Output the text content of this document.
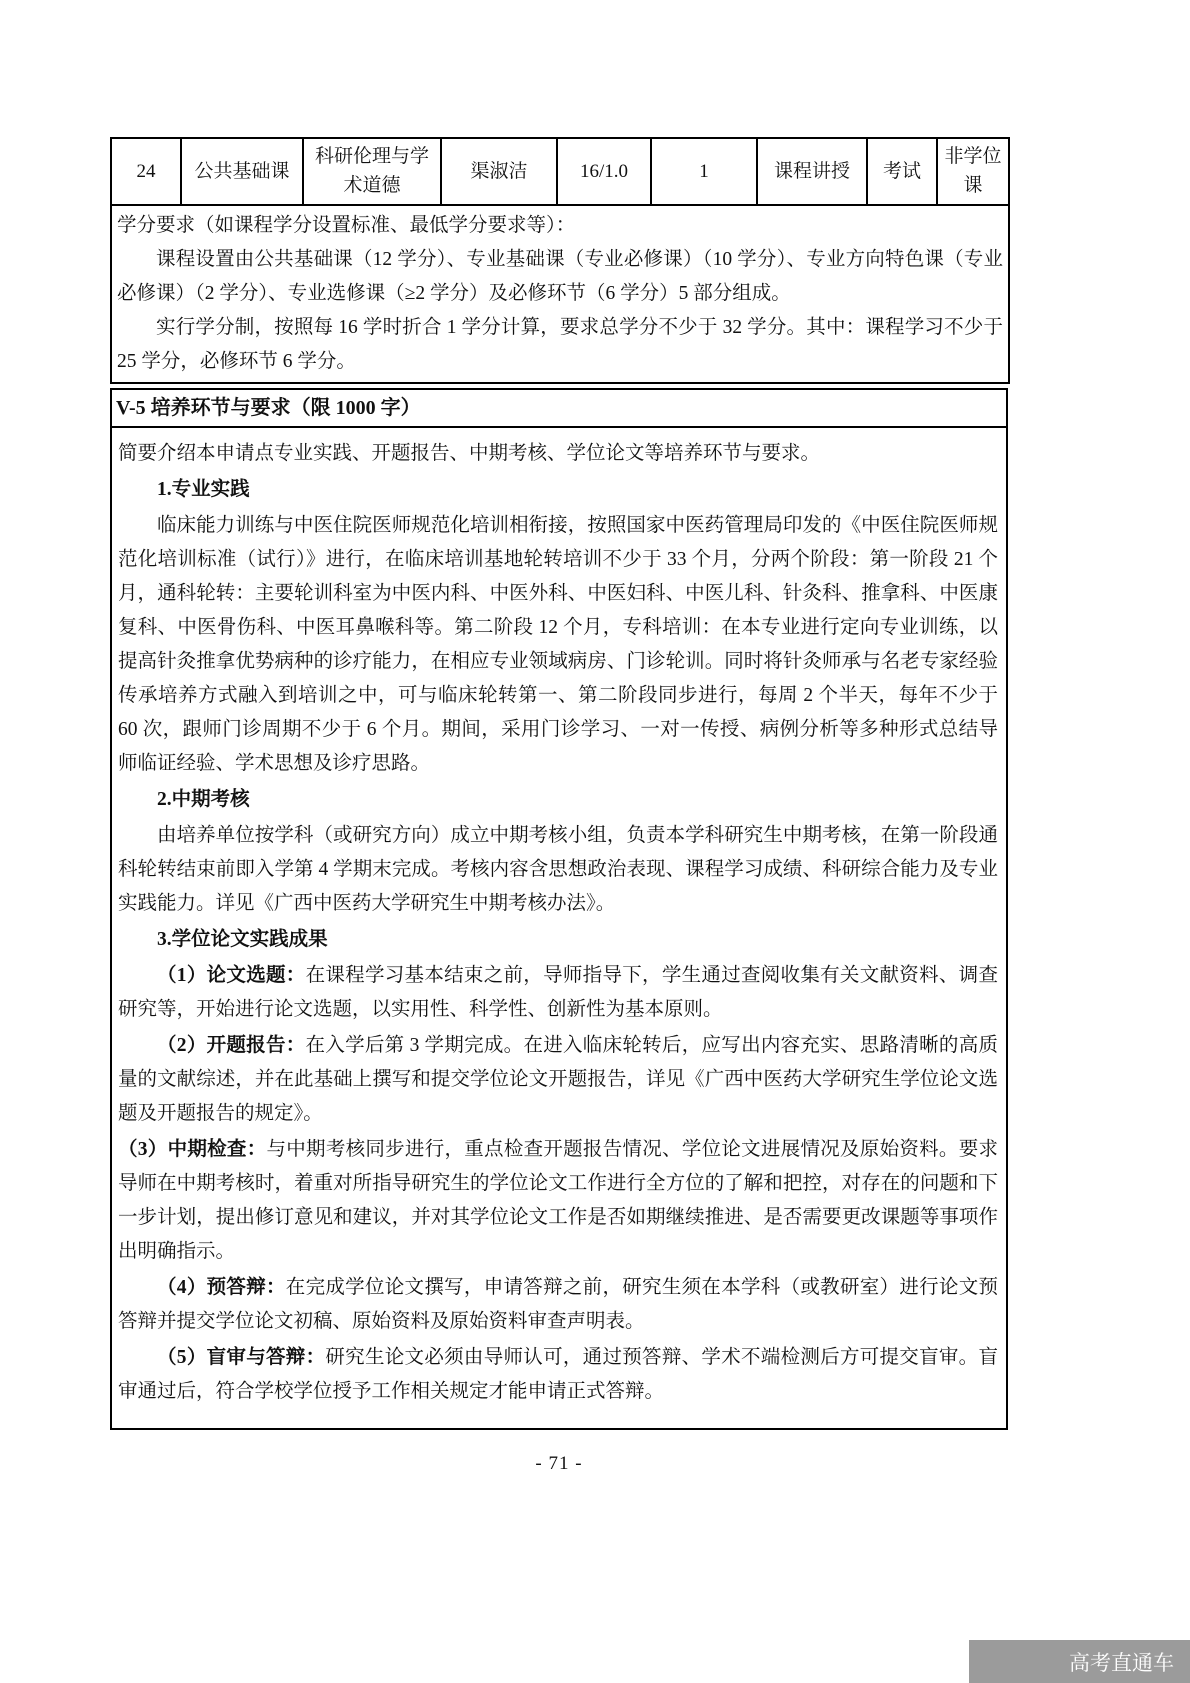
24	公共基础课	科研伦理与学术道德	渠淑洁	16/1.0	1	课程讲授	考试	非学位课

学分要求（如课程学分设置标准、最低学分要求等）：

课程设置由公共基础课（12 学分）、专业基础课（专业必修课）（10 学分）、专业方向特色课（专业必修课）（2 学分）、专业选修课（≥2 学分）及必修环节（6 学分）5 部分组成。

实行学分制，按照每 16 学时折合 1 学分计算，要求总学分不少于 32 学分。其中：课程学习不少于 25 学分，必修环节 6 学分。

V-5 培养环节与要求（限 1000 字）

简要介绍本申请点专业实践、开题报告、中期考核、学位论文等培养环节与要求。

1.专业实践

临床能力训练与中医住院医师规范化培训相衔接，按照国家中医药管理局印发的《中医住院医师规范化培训标准（试行）》进行，在临床培训基地轮转培训不少于 33 个月，分两个阶段：第一阶段 21 个月，通科轮转：主要轮训科室为中医内科、中医外科、中医妇科、中医儿科、针灸科、推拿科、中医康复科、中医骨伤科、中医耳鼻喉科等。第二阶段 12 个月，专科培训：在本专业进行定向专业训练，以提高针灸推拿优势病种的诊疗能力，在相应专业领域病房、门诊轮训。同时将针灸师承与名老专家经验传承培养方式融入到培训之中，可与临床轮转第一、第二阶段同步进行，每周 2 个半天，每年不少于 60 次，跟师门诊周期不少于 6 个月。期间，采用门诊学习、一对一传授、病例分析等多种形式总结导师临证经验、学术思想及诊疗思路。

2.中期考核

由培养单位按学科（或研究方向）成立中期考核小组，负责本学科研究生中期考核，在第一阶段通科轮转结束前即入学第 4 学期末完成。考核内容含思想政治表现、课程学习成绩、科研综合能力及专业实践能力。详见《广西中医药大学研究生中期考核办法》。

3.学位论文实践成果

（1）论文选题：在课程学习基本结束之前，导师指导下，学生通过查阅收集有关文献资料、调查研究等，开始进行论文选题，以实用性、科学性、创新性为基本原则。

（2）开题报告：在入学后第 3 学期完成。在进入临床轮转后，应写出内容充实、思路清晰的高质量的文献综述，并在此基础上撰写和提交学位论文开题报告，详见《广西中医药大学研究生学位论文选题及开题报告的规定》。

（3）中期检查：与中期考核同步进行，重点检查开题报告情况、学位论文进展情况及原始资料。要求导师在中期考核时，着重对所指导研究生的学位论文工作进行全方位的了解和把控，对存在的问题和下一步计划，提出修订意见和建议，并对其学位论文工作是否如期继续推进、是否需要更改课题等事项作出明确指示。

（4）预答辩：在完成学位论文撰写，申请答辩之前，研究生须在本学科（或教研室）进行论文预答辩并提交学位论文初稿、原始资料及原始资料审查声明表。

（5）盲审与答辩：研究生论文必须由导师认可，通过预答辩、学术不端检测后方可提交盲审。盲审通过后，符合学校学位授予工作相关规定才能申请正式答辩。

- 71 -
高考直通车
